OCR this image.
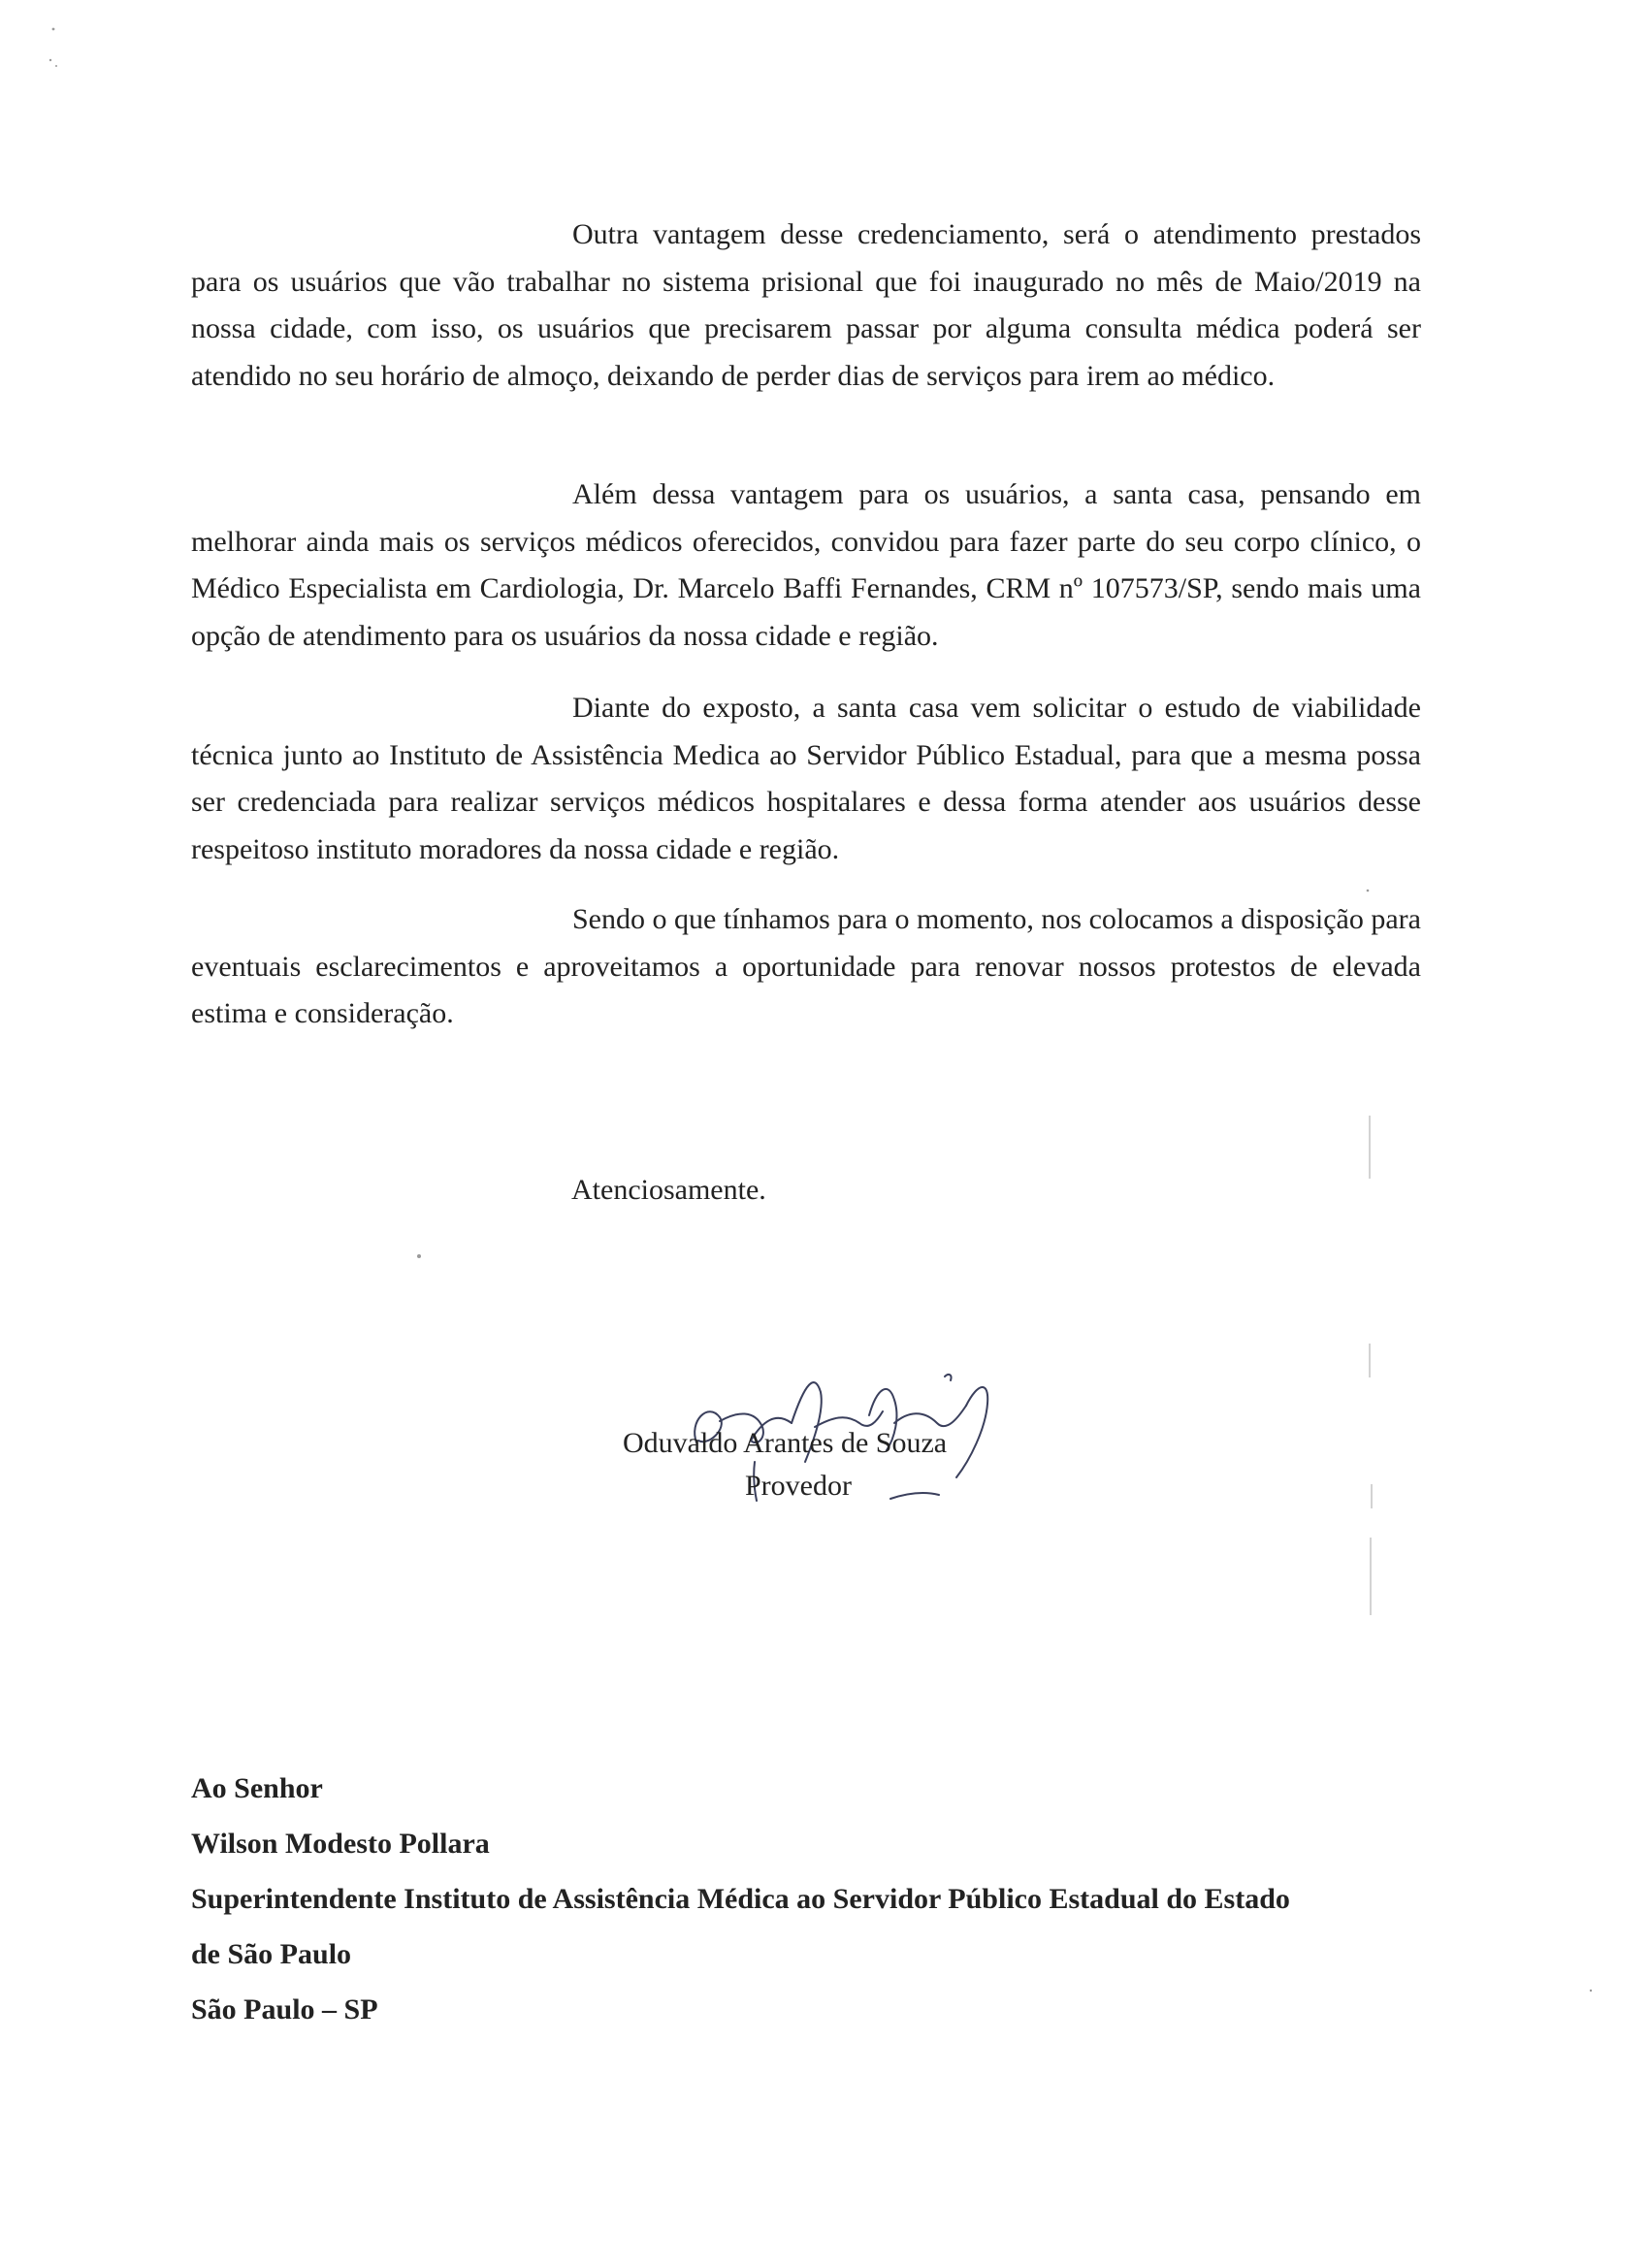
Outra vantagem desse credenciamento, será o atendimento prestados para os usuários que vão trabalhar no sistema prisional que foi inaugurado no mês de Maio/2019 na nossa cidade, com isso, os usuários que precisarem passar por alguma consulta médica poderá ser atendido no seu horário de almoço, deixando de perder dias de serviços para irem ao médico.

Além dessa vantagem para os usuários, a santa casa, pensando em melhorar ainda mais os serviços médicos oferecidos, convidou para fazer parte do seu corpo clínico, o Médico Especialista em Cardiologia, Dr. Marcelo Baffi Fernandes, CRM nº 107573/SP, sendo mais uma opção de atendimento para os usuários da nossa cidade e região.

Diante do exposto, a santa casa vem solicitar o estudo de viabilidade técnica junto ao Instituto de Assistência Medica ao Servidor Público Estadual, para que a mesma possa ser credenciada para realizar serviços médicos hospitalares e dessa forma atender aos usuários desse respeitoso instituto moradores da nossa cidade e região.

Sendo o que tínhamos para o momento, nos colocamos a disposição para eventuais esclarecimentos e aproveitamos a oportunidade para renovar nossos protestos de elevada estima e consideração.

Atenciosamente.

Oduvaldo Arantes de Souza

Provedor

Ao Senhor
Wilson Modesto Pollara
Superintendente Instituto de Assistência Médica ao Servidor Público Estadual do Estado
de São Paulo
São Paulo – SP
